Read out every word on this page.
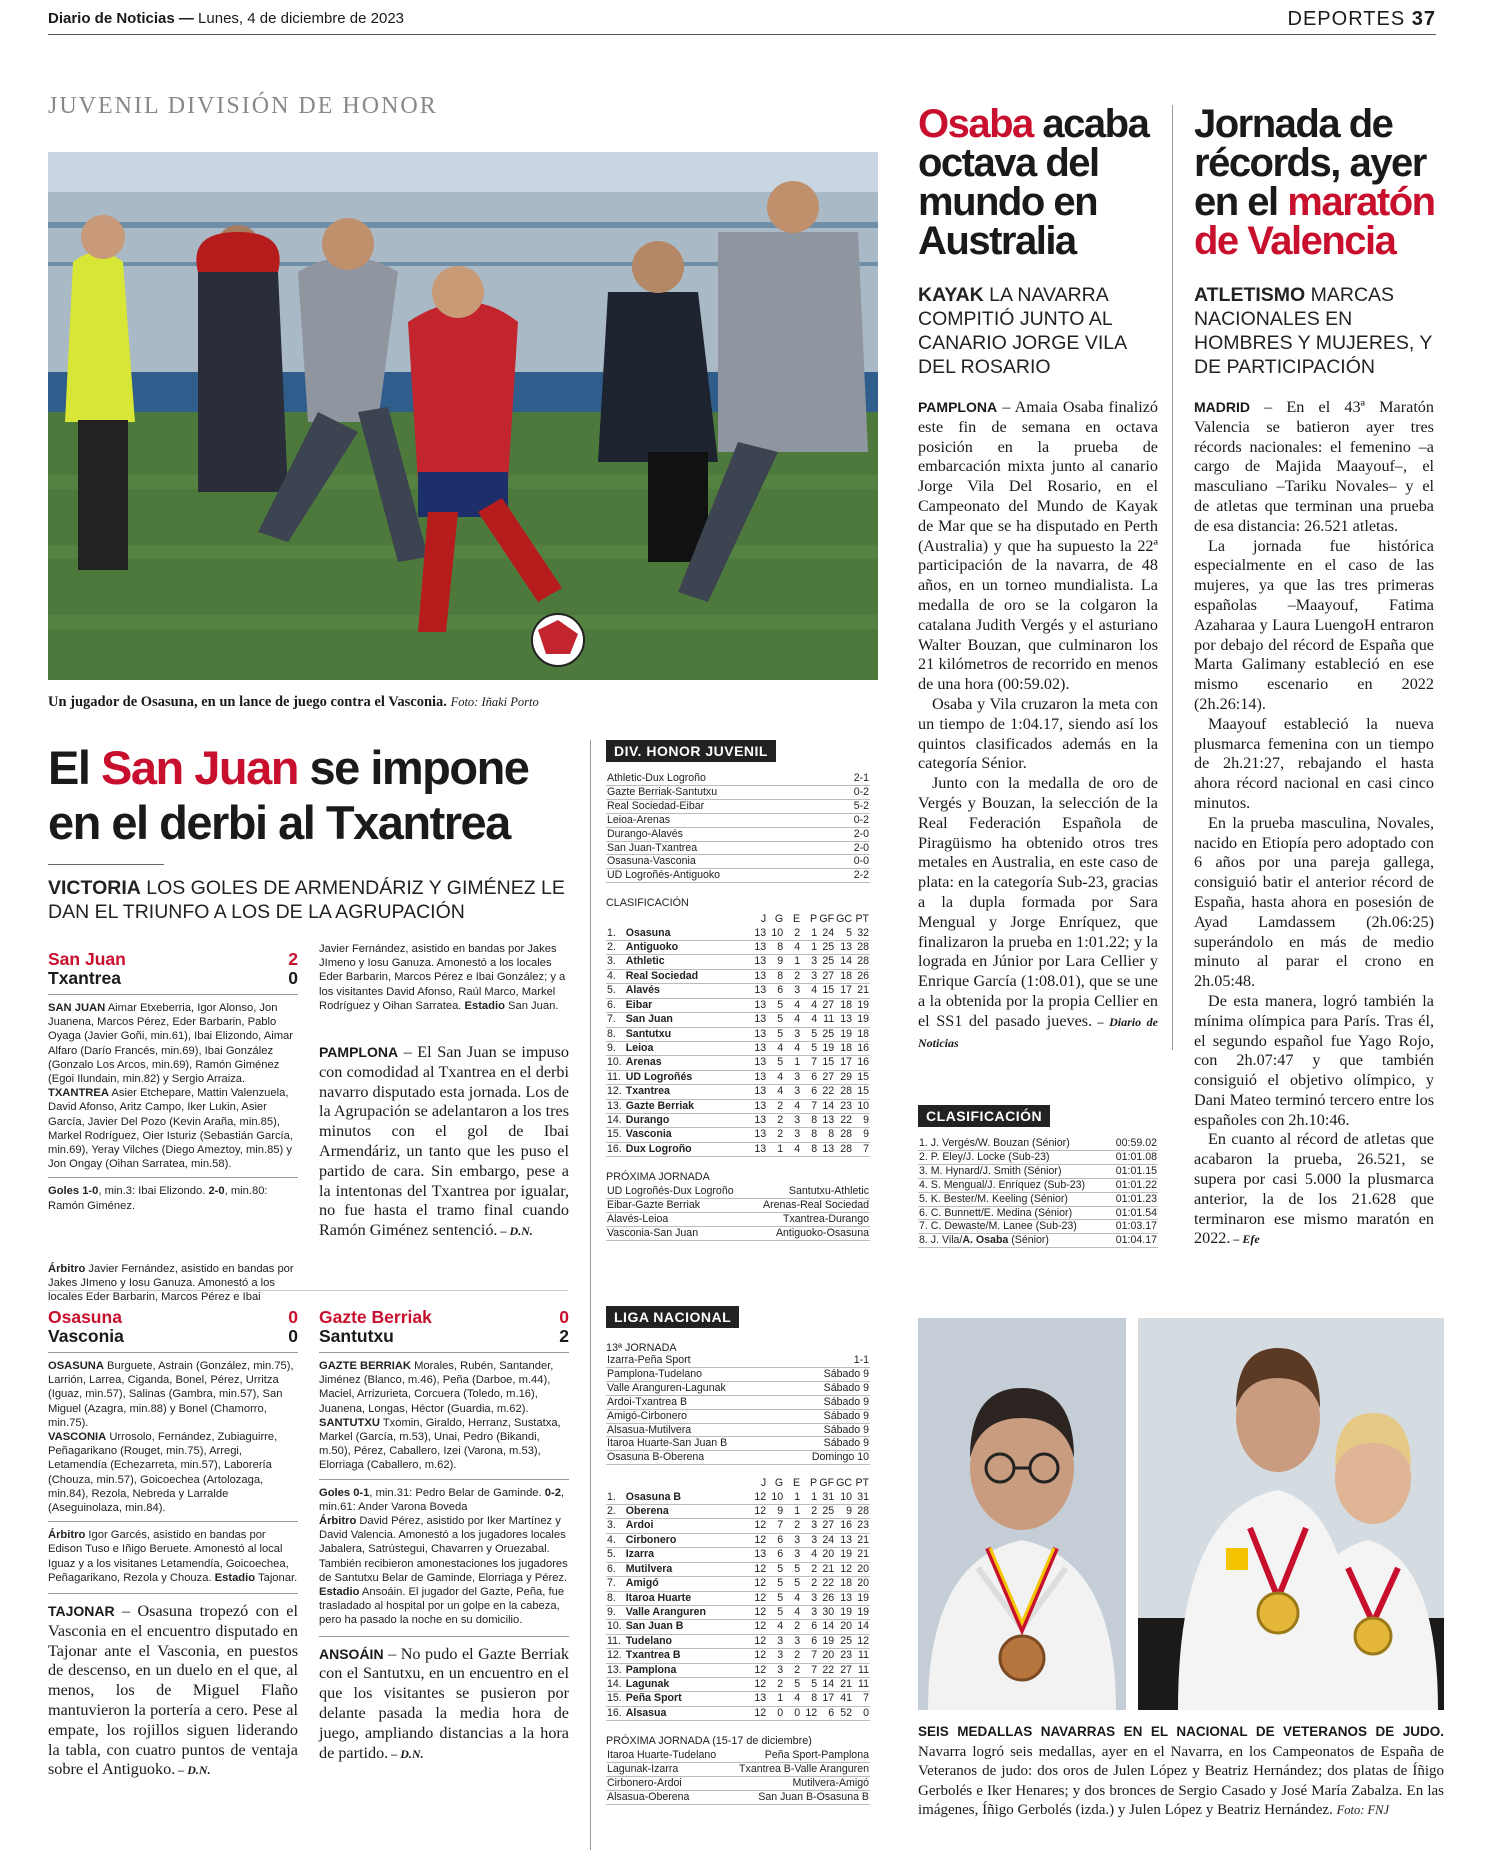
Diario de Noticias — Lunes, 4 de diciembre de 2023	DEPORTES 37
JUVENIL DIVISIÓN DE HONOR
Un jugador de Osasuna, en un lance de juego contra el Vasconia. Foto: Iñaki Porto
El San Juan se impone
en el derbi al Txantrea
VICTORIA LOS GOLES DE ARMENDÁRIZ Y GIMÉNEZ LE DAN EL TRIUNFO A LOS DE LA AGRUPACIÓN
San Juan	2
Txantrea	0
SAN JUAN Aimar Etxeberria, Igor Alonso, Jon Juanena, Marcos Pérez, Eder Barbarin, Pablo Oyaga (Javier Goñi, min.61), Ibai Elizondo, Aimar Alfaro (Darío Francés, min.69), Ibai González (Gonzalo Los Arcos, min.69), Ramón Giménez (Egoi Ilundain, min.82) y Sergio Arraiza.
TXANTREA Asier Etchepare, Mattin Valenzuela, David Afonso, Aritz Campo, Iker Lukin, Asier García, Javier Del Pozo (Kevin Araña, min.85), Markel Rodríguez, Oier Isturiz (Sebastián García, min.69), Yeray Vilches (Diego Ameztoy, min.85) y Jon Ongay (Oihan Sarratea, min.58).
Goles 1-0, min.3: Ibai Elizondo. 2-0, min.80: Ramón Giménez.
Árbitro Javier Fernández, asistido en bandas por Jakes JImeno y Iosu Ganuza. Amonestó a los locales Eder Barbarin, Marcos Pérez e Ibai
Javier Fernández, asistido en bandas por Jakes JImeno y Iosu Ganuza. Amonestó a los locales Eder Barbarin, Marcos Pérez e Ibai González; y a los visitantes David Afonso, Raúl Marco, Markel Rodríguez y Oihan Sarratea. Estadio San Juan.

PAMPLONA – El San Juan se impuso con comodidad al Txantrea en el derbi navarro disputado esta jornada. Los de la Agrupación se adelantaron a los tres minutos con el gol de Ibai Armendáriz, un tanto que les puso el partido de cara. Sin embargo, pese a la intentonas del Txantrea por igualar, no fue hasta el tramo final cuando Ramón Giménez sentenció. – D.N.

Osasuna	0
Vasconia	0
OSASUNA Burguete, Astrain (González, min.75), Larrión, Larrea, Ciganda, Bonel, Pérez, Urritza (Iguaz, min.57), Salinas (Gambra, min.57), San Miguel (Azagra, min.88) y Bonel (Chamorro, min.75).
VASCONIA Urrosolo, Fernández, Zubiaguirre, Peñagarikano (Rouget, min.75), Arregi, Letamendía (Echezarreta, min.57), Laborería (Chouza, min.57), Goicoechea (Artolozaga, min.84), Rezola, Nebreda y Larralde (Aseguinolaza, min.84).
Árbitro Igor Garcés, asistido en bandas por Edison Tuso e Iñigo Beruete. Amonestó al local Iguaz y a los visitanes Letamendía, Goicoechea, Peñagarikano, Rezola y Chouza. Estadio Tajonar.

TAJONAR – Osasuna tropezó con el Vasconia en el encuentro disputado en Tajonar ante el Vasconia, en puestos de descenso, en un duelo en el que, al menos, los de Miguel Flaño mantuvieron la portería a cero. Pese al empate, los rojillos siguen liderando la tabla, con cuatro puntos de ventaja sobre el Antiguoko. – D.N.

Gazte Berriak	0
Santutxu	2
GAZTE BERRIAK Morales, Rubén, Santander, Jiménez (Blanco, m.46), Peña (Darboe, m.44), Maciel, Arrizurieta, Corcuera (Toledo, m.16), Juanena, Longas, Héctor (Guardia, m.62).
SANTUTXU Txomin, Giraldo, Herranz, Sustatxa, Markel (García, m.53), Unai, Pedro (Bikandi, m.50), Pérez, Caballero, Izei (Varona, m.53), Elorriaga (Caballero, m.62).
Goles 0-1, min.31: Pedro Belar de Gaminde. 0-2, min.61: Ander Varona Boveda
Árbitro David Pérez, asistido por Iker Martínez y David Valencia. Amonestó a los jugadores locales Jabalera, Satrústegui, Chavarren y Oruezabal. También recibieron amonestaciones los jugadores de Santutxu Belar de Gaminde, Elorriaga y Pérez. Estadio Ansoáin. El jugador del Gazte, Peña, fue trasladado al hospital por un golpe en la cabeza, pero ha pasado la noche en su domicilio.

ANSOÁIN – No pudo el Gazte Berriak con el Santutxu, en un encuentro en el que los visitantes se pusieron por delante pasada la media hora de juego, ampliando distancias a la hora de partido. – D.N.

DIV. HONOR JUVENIL
Athletic-Dux Logroño	2-1
Gazte Berriak-Santutxu	0-2
Real Sociedad-Eibar	5-2
Leioa-Arenas	0-2
Durango-Alavés	2-0
San Juan-Txantrea	2-0
Osasuna-Vasconia	0-0
UD Logroñés-Antiguoko	2-2
CLASIFICACIÓN
		J	G	E	P	GF	GC	PT
1.	Osasuna	13	10	2	1	24	5	32
2.	Antiguoko	13	8	4	1	25	13	28
3.	Athletic	13	9	1	3	25	14	28
4.	Real Sociedad	13	8	2	3	27	18	26
5.	Alavés	13	6	3	4	15	17	21
6.	Eibar	13	5	4	4	27	18	19
7.	San Juan	13	5	4	4	11	13	19
8.	Santutxu	13	5	3	5	25	19	18
9.	Leioa	13	4	4	5	19	18	16
10.	Arenas	13	5	1	7	15	17	16
11.	UD Logroñés	13	4	3	6	27	29	15
12.	Txantrea	13	4	3	6	22	28	15
13.	Gazte Berriak	13	2	4	7	14	23	10
14.	Durango	13	2	3	8	13	22	9
15.	Vasconia	13	2	3	8	8	28	9
16.	Dux Logroño	13	1	4	8	13	28	7
PRÓXIMA JORNADA
UD Logroñés-Dux Logroño	Santutxu-Athletic
Eibar-Gazte Berriak	Arenas-Real Sociedad
Alavés-Leioa	Txantrea-Durango
Vasconia-San Juan	Antiguoko-Osasuna
LIGA NACIONAL
13ª JORNADA
Izarra-Peña Sport	1-1
Pamplona-Tudelano	Sábado 9
Valle Aranguren-Lagunak	Sábado 9
Ardoi-Txantrea B	Sábado 9
Amigó-Cirbonero	Sábado 9
Alsasua-Mutilvera	Sábado 9
Itaroa Huarte-San Juan B	Sábado 9
Osasuna B-Oberena	Domingo 10
		J	G	E	P	GF	GC	PT
1.	Osasuna B	12	10	1	1	31	10	31
2.	Oberena	12	9	1	2	25	9	28
3.	Ardoi	12	7	2	3	27	16	23
4.	Cirbonero	12	6	3	3	24	13	21
5.	Izarra	13	6	3	4	20	19	21
6.	Mutilvera	12	5	5	2	21	12	20
7.	Amigó	12	5	5	2	22	18	20
8.	Itaroa Huarte	12	5	4	3	26	13	19
9.	Valle Aranguren	12	5	4	3	30	19	19
10.	San Juan B	12	4	2	6	14	20	14
11.	Tudelano	12	3	3	6	19	25	12
12.	Txantrea B	12	3	2	7	20	23	11
13.	Pamplona	12	3	2	7	22	27	11
14.	Lagunak	12	2	5	5	14	21	11
15.	Peña Sport	13	1	4	8	17	41	7
16.	Alsasua	12	0	0	12	6	52	0
PRÓXIMA JORNADA (15-17 de diciembre)
Itaroa Huarte-Tudelano	Peña Sport-Pamplona
Lagunak-Izarra	Txantrea B-Valle Aranguren
Cirbonero-Ardoi	Mutilvera-Amigó
Alsasua-Oberena	San Juan B-Osasuna B
Osaba acaba octava del mundo en Australia
KAYAK LA NAVARRA COMPITIÓ JUNTO AL CANARIO JORGE VILA DEL ROSARIO

PAMPLONA – Amaia Osaba finalizó este fin de semana en octava posición en la prueba de embarcación mixta junto al canario Jorge Vila Del Rosario, en el Campeonato del Mundo de Kayak de Mar que se ha disputado en Perth (Australia) y que ha supuesto la 22ª participación de la navarra, de 48 años, en un torneo mundialista. La medalla de oro se la colgaron la catalana Judith Vergés y el asturiano Walter Bouzan, que culminaron los 21 kilómetros de recorrido en menos de una hora (00:59.02).

Osaba y Vila cruzaron la meta con un tiempo de 1:04.17, siendo así los quintos clasificados además en la categoría Sénior.

Junto con la medalla de oro de Vergés y Bouzan, la selección de la Real Federación Española de Piragüismo ha obtenido otros tres metales en Australia, en este caso de plata: en la categoría Sub-23, gracias a la dupla formada por Sara Mengual y Jorge Enríquez, que finalizaron la prueba en 1:01.22; y la lograda en Júnior por Lara Cellier y Enrique García (1:08.01), que se une a la obtenida por la propia Cellier en el SS1 del pasado jueves. – Diario de Noticias

CLASIFICACIÓN
1. J. Vergés/W. Bouzan (Sénior)	00:59.02
2. P. Eley/J. Locke (Sub-23)	01:01.08
3. M. Hynard/J. Smith (Sénior)	01:01.15
4. S. Mengual/J. Enríquez (Sub-23)	01:01.22
5. K. Bester/M. Keeling (Sénior)	01:01.23
6. C. Bunnett/E. Medina (Sénior)	01:01.54
7. C. Dewaste/M. Lanee (Sub-23)	01:03.17
8. J. Vila/A. Osaba (Sénior)	01:04.17
Jornada de récords, ayer en el maratón de Valencia
ATLETISMO MARCAS NACIONALES EN HOMBRES Y MUJERES, Y DE PARTICIPACIÓN

MADRID – En el 43ª Maratón Valencia se batieron ayer tres récords nacionales: el femenino –a cargo de Majida Maayouf–, el masculiano –Tariku Novales– y el de atletas que terminan una prueba de esa distancia: 26.521 atletas.

La jornada fue histórica especialmente en el caso de las mujeres, ya que las tres primeras españolas –Maayouf, Fatima Azaharaa y Laura LuengoH entraron por debajo del récord de España que Marta Galimany estableció en ese mismo escenario en 2022 (2h.26:14).

Maayouf estableció la nueva plusmarca femenina con un tiempo de 2h.21:27, rebajando el hasta ahora récord nacional en casi cinco minutos.

En la prueba masculina, Novales, nacido en Etiopía pero adoptado con 6 años por una pareja gallega, consiguió batir el anterior récord de España, hasta ahora en posesión de Ayad Lamdassem (2h.06:25) superándolo en más de medio minuto al parar el crono en 2h.05:48.

De esta manera, logró también la mínima olímpica para París. Tras él, el segundo español fue Yago Rojo, con 2h.07:47 y que también consiguió el objetivo olímpico, y Dani Mateo terminó tercero entre los españoles con 2h.10:46.

En cuanto al récord de atletas que acabaron la prueba, 26.521, se supera por casi 5.000 la plusmarca anterior, la de los 21.628 que terminaron ese mismo maratón en 2022. – Efe

SEIS MEDALLAS NAVARRAS EN EL NACIONAL DE VETERANOS DE JUDO. Navarra logró seis medallas, ayer en el Navarra, en los Campeonatos de España de Veteranos de judo: dos oros de Julen López y Beatriz Hernández; dos platas de Íñigo Gerbolés e Iker Henares; y dos bronces de Sergio Casado y José María Zabalza. En las imágenes, Íñigo Gerbolés (izda.) y Julen López y Beatriz Hernández. Foto: FNJ
